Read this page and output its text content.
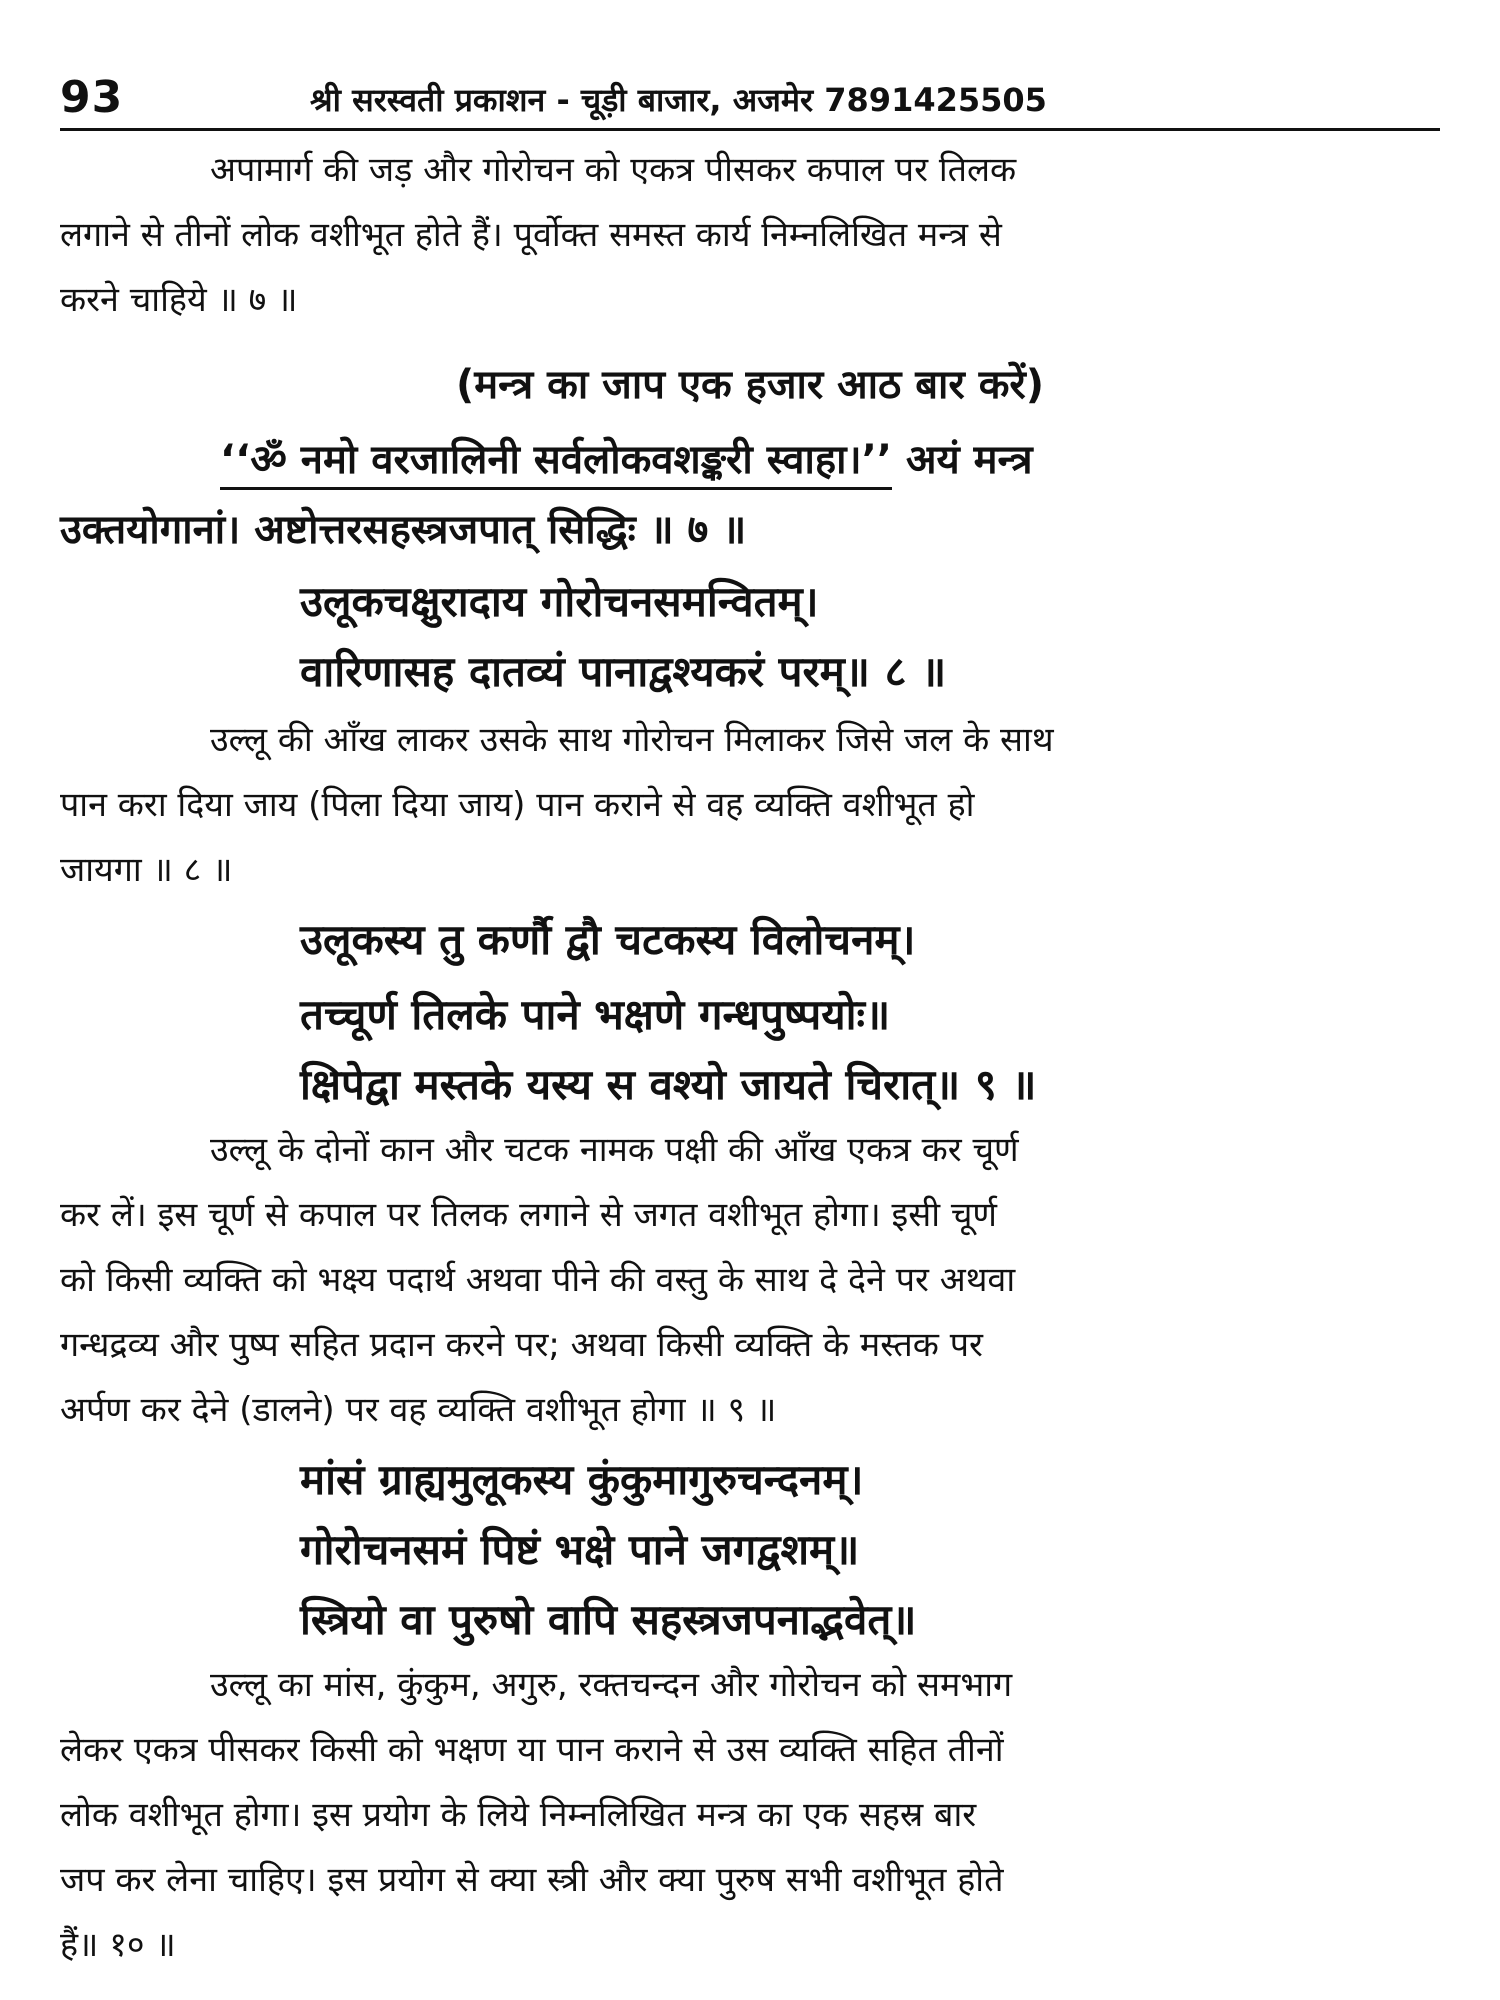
93	श्री सरस्वती प्रकाशन - चूड़ी बाजार, अजमेर 7891425505

अपामार्ग की जड़ और गोरोचन को एकत्र पीसकर कपाल पर तिलक

लगाने से तीनों लोक वशीभूत होते हैं। पूर्वोक्त समस्त कार्य निम्नलिखित मन्त्र से

करने चाहिये ॥ ७ ॥

(मन्त्र का जाप एक हजार आठ बार करें)

‘‘ॐ नमो वरजालिनी सर्वलोकवशङ्करी स्वाहा।’’ अयं मन्त्र

उक्तयोगानां। अष्टोत्तरसहस्त्रजपात् सिद्धिः ॥ ७ ॥

उलूकचक्षुरादाय गोरोचनसमन्वितम्।

वारिणासह दातव्यं पानाद्वश्यकरं परम्॥ ८ ॥

उल्लू की आँख लाकर उसके साथ गोरोचन मिलाकर जिसे जल के साथ

पान करा दिया जाय (पिला दिया जाय) पान कराने से वह व्यक्ति वशीभूत हो

जायगा ॥ ८ ॥

उलूकस्य तु कर्णौ द्वौ चटकस्य विलोचनम्।

तच्चूर्ण तिलके पाने भक्षणे गन्धपुष्पयोः॥

क्षिपेद्वा मस्तके यस्य स वश्यो जायते चिरात्॥ ९ ॥

उल्लू के दोनों कान और चटक नामक पक्षी की आँख एकत्र कर चूर्ण

कर लें। इस चूर्ण से कपाल पर तिलक लगाने से जगत वशीभूत होगा। इसी चूर्ण

को किसी व्यक्ति को भक्ष्य पदार्थ अथवा पीने की वस्तु के साथ दे देने पर अथवा

गन्धद्रव्य और पुष्प सहित प्रदान करने पर; अथवा किसी व्यक्ति के मस्तक पर

अर्पण कर देने (डालने) पर वह व्यक्ति वशीभूत होगा ॥ ९ ॥

मांसं ग्राह्यमुलूकस्य कुंकुमागुरुचन्दनम्।

गोरोचनसमं पिष्टं भक्षे पाने जगद्वशम्॥

स्त्रियो वा पुरुषो वापि सहस्त्रजपनाद्भवेत्॥

उल्लू का मांस, कुंकुम, अगुरु, रक्तचन्दन और गोरोचन को समभाग

लेकर एकत्र पीसकर किसी को भक्षण या पान कराने से उस व्यक्ति सहित तीनों

लोक वशीभूत होगा। इस प्रयोग के लिये निम्नलिखित मन्त्र का एक सहस्र बार

जप कर लेना चाहिए। इस प्रयोग से क्या स्त्री और क्या पुरुष सभी वशीभूत होते

हैं॥ १० ॥
